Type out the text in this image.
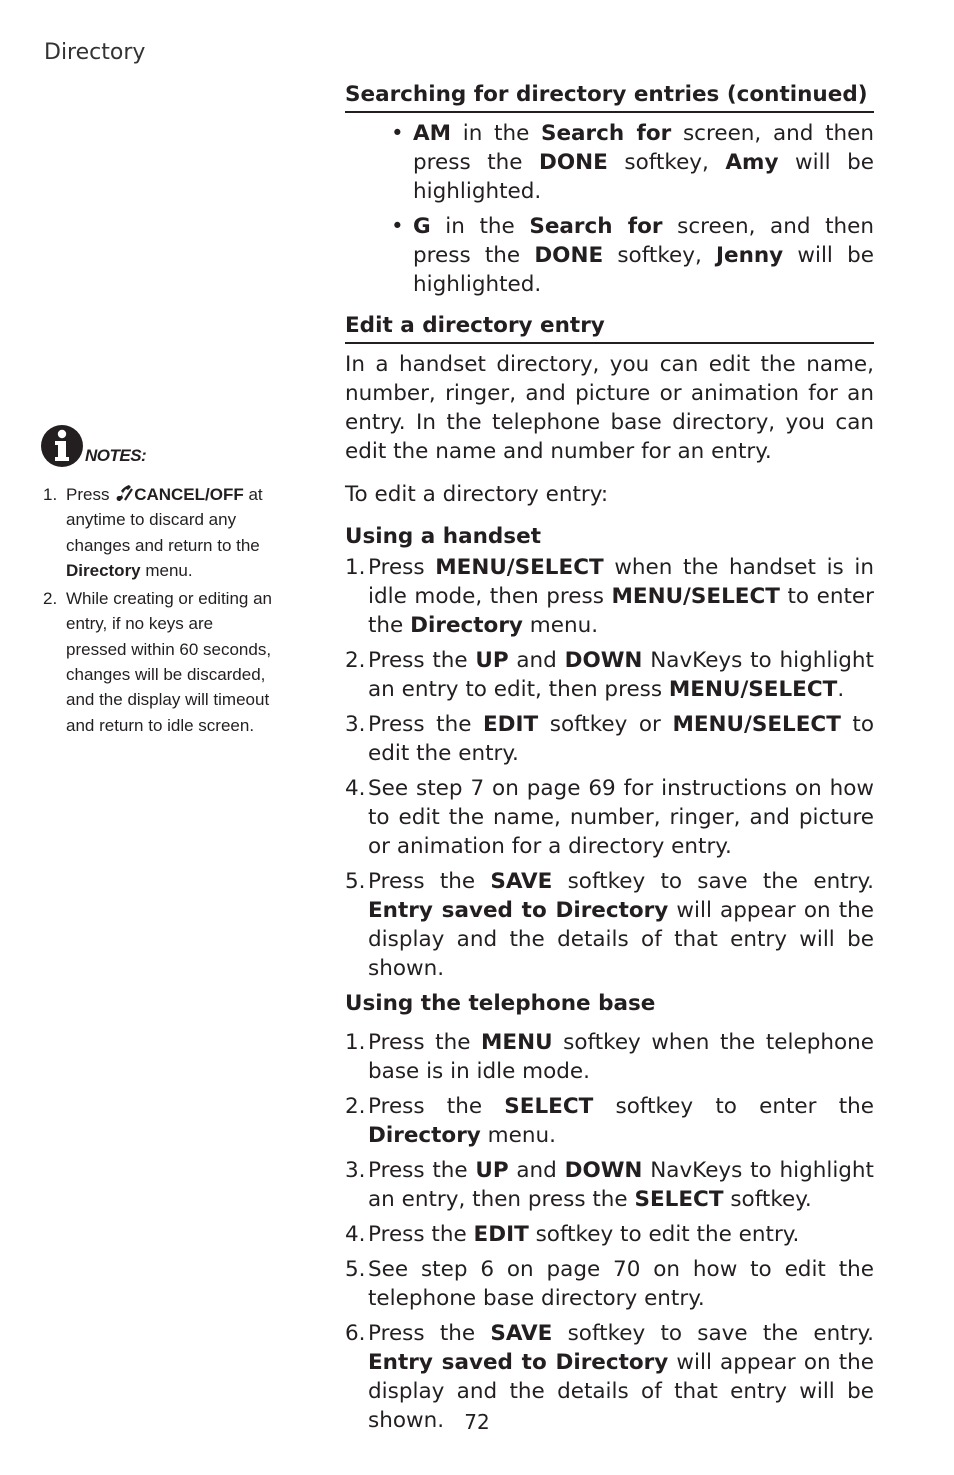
Directory
NOTES:
1. Press CANCEL/OFF at anytime to discard any changes and return to the Directory menu.
2. While creating or editing an entry, if no keys are pressed within 60 seconds, changes will be discarded, and the display will timeout and return to idle screen.
Searching for directory entries (continued)
• AM in the Search for screen, and then press the DONE softkey, Amy will be highlighted.
• G in the Search for screen, and then press the DONE softkey, Jenny will be highlighted.
Edit a directory entry

In a handset directory, you can edit the name, number, ringer, and picture or animation for an entry. In the telephone base directory, you can edit the name and number for an entry.

To edit a directory entry:

Using a handset
1. Press MENU/SELECT when the handset is in idle mode, then press MENU/SELECT to enter the Directory menu.
2. Press the UP and DOWN NavKeys to highlight an entry to edit, then press MENU/SELECT.
3. Press the EDIT softkey or MENU/SELECT to edit the entry.
4. See step 7 on page 69 for instructions on how to edit the name, number, ringer, and picture or animation for a directory entry.
5. Press the SAVE softkey to save the entry. Entry saved to Directory will appear on the display and the details of that entry will be shown.
Using the telephone base
1. Press the MENU softkey when the telephone base is in idle mode.
2. Press the SELECT softkey to enter the Directory menu.
3. Press the UP and DOWN NavKeys to highlight an entry, then press the SELECT softkey.
4. Press the EDIT softkey to edit the entry.
5. See step 6 on page 70 on how to edit the telephone base directory entry.
6. Press the SAVE softkey to save the entry. Entry saved to Directory will appear on the display and the details of that entry will be shown.	72
